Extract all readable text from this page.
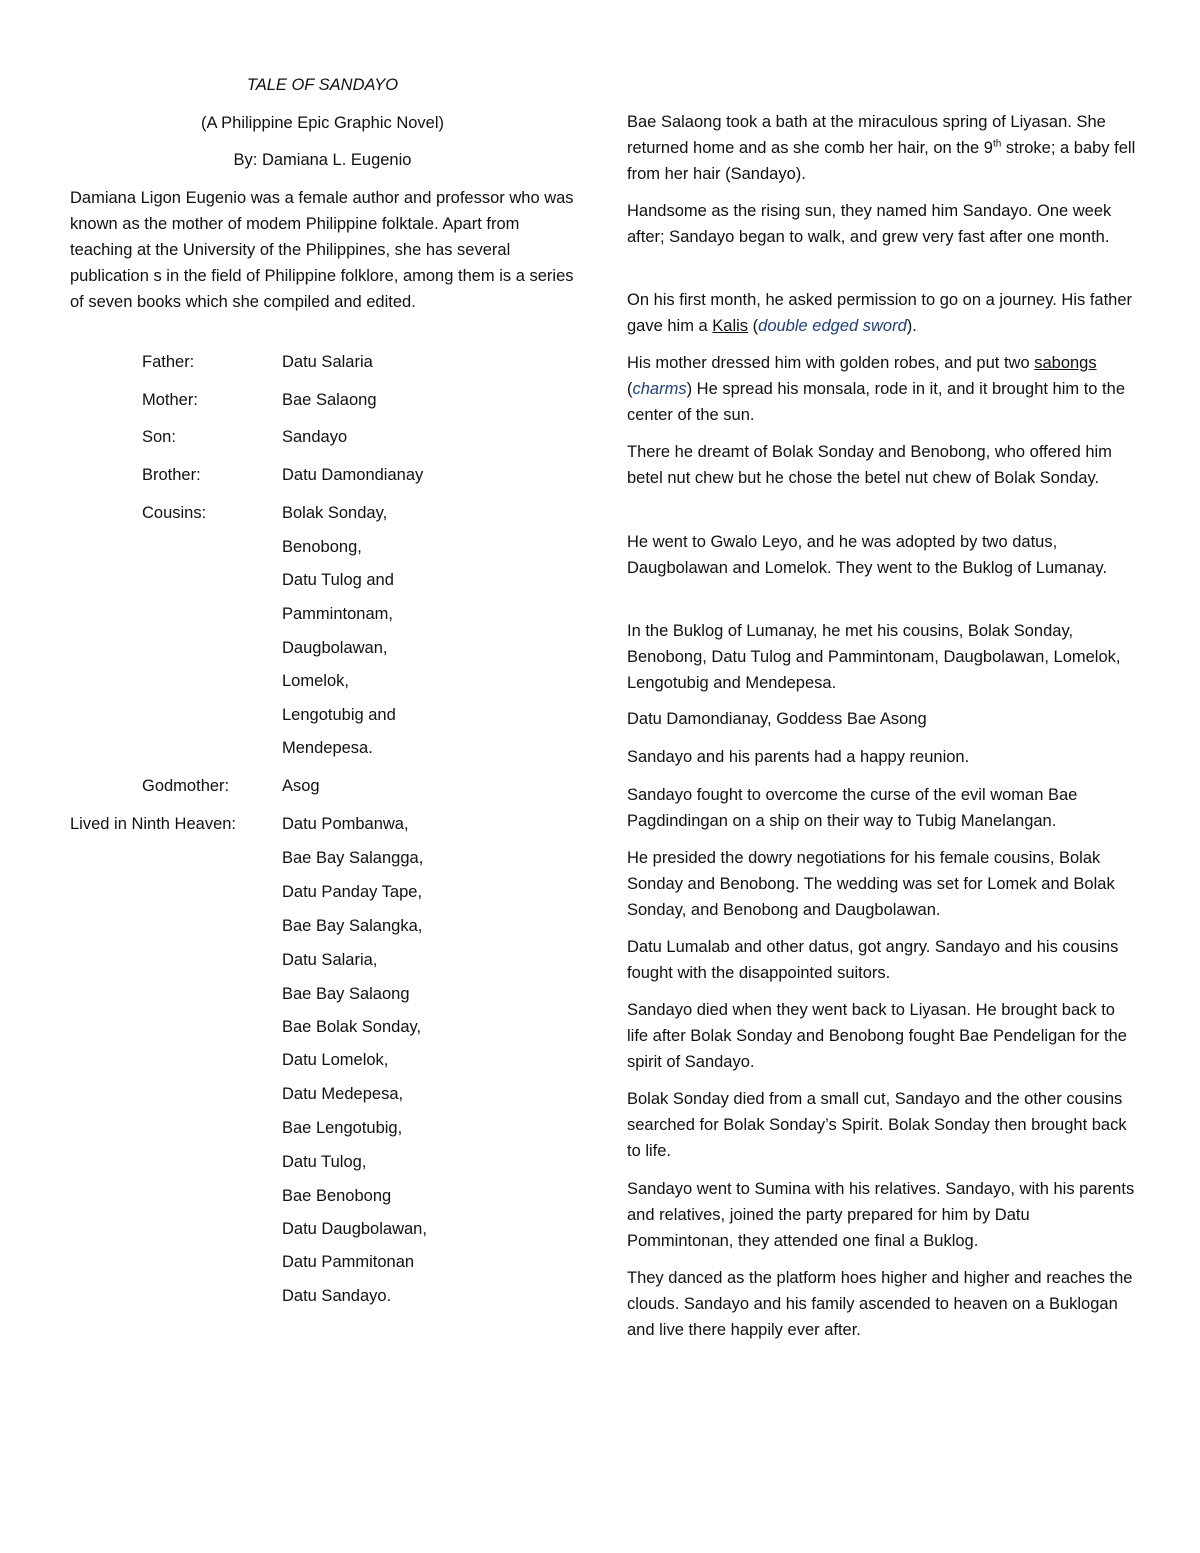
TALE OF SANDAYO

(A Philippine Epic Graphic Novel)

By: Damiana L. Eugenio

Damiana Ligon Eugenio was a female author and professor who was known as the mother of modem Philippine folktale. Apart from teaching at the University of the Philippines, she has several publication s in the field of Philippine folklore, among them is a series of seven books which she compiled and edited.

Father:	Datu Salaria

Mother:	Bae Salaong

Son:	Sandayo

Brother:	Datu Damondianay

Cousins:	Bolak Sonday,

Benobong,

Datu Tulog and

Pammintonam,

Daugbolawan,

Lomelok,

Lengotubig and

Mendepesa.

Godmother:	Asog

Lived in Ninth Heaven:	Datu Pombanwa,

Bae Bay Salangga,

Datu Panday Tape,

Bae Bay Salangka,

Datu Salaria,

Bae Bay Salaong

Bae Bolak Sonday,

Datu Lomelok,

Datu Medepesa,

Bae Lengotubig,

Datu Tulog,

Bae Benobong

Datu Daugbolawan,

Datu Pammitonan

Datu Sandayo.

Bae Salaong took a bath at the miraculous spring of Liyasan. She returned home and as she comb her hair, on the 9th stroke; a baby fell from her hair (Sandayo).

Handsome as the rising sun, they named him Sandayo. One week after; Sandayo began to walk, and grew very fast after one month.

On his first month, he asked permission to go on a journey. His father gave him a Kalis (double edged sword).

His mother dressed him with golden robes, and put two sabongs (charms) He spread his monsala, rode in it, and it brought him to the center of the sun.

There he dreamt of Bolak Sonday and Benobong, who offered him betel nut chew but he chose the betel nut chew of Bolak Sonday.

He went to Gwalo Leyo, and he was adopted by two datus, Daugbolawan and Lomelok. They went to the Buklog of Lumanay.

In the Buklog of Lumanay, he met his cousins, Bolak Sonday, Benobong, Datu Tulog and Pammintonam, Daugbolawan, Lomelok, Lengotubig and Mendepesa.

Datu Damondianay, Goddess Bae Asong

Sandayo and his parents had a happy reunion.

Sandayo fought to overcome the curse of the evil woman Bae Pagdindingan on a ship on their way to Tubig Manelangan.

He presided the dowry negotiations for his female cousins, Bolak Sonday and Benobong. The wedding was set for Lomek and Bolak Sonday, and Benobong and Daugbolawan.

Datu Lumalab and other datus, got angry. Sandayo and his cousins fought with the disappointed suitors.

Sandayo died when they went back to Liyasan. He brought back to life after Bolak Sonday and Benobong fought Bae Pendeligan for the spirit of Sandayo.

Bolak Sonday died from a small cut, Sandayo and the other cousins searched for Bolak Sonday’s Spirit. Bolak Sonday then brought back to life.

Sandayo went to Sumina with his relatives. Sandayo, with his parents and relatives, joined the party prepared for him by Datu Pommintonan, they attended one final a Buklog.

They danced as the platform hoes higher and higher and reaches the clouds. Sandayo and his family ascended to heaven on a Buklogan and live there happily ever after.
